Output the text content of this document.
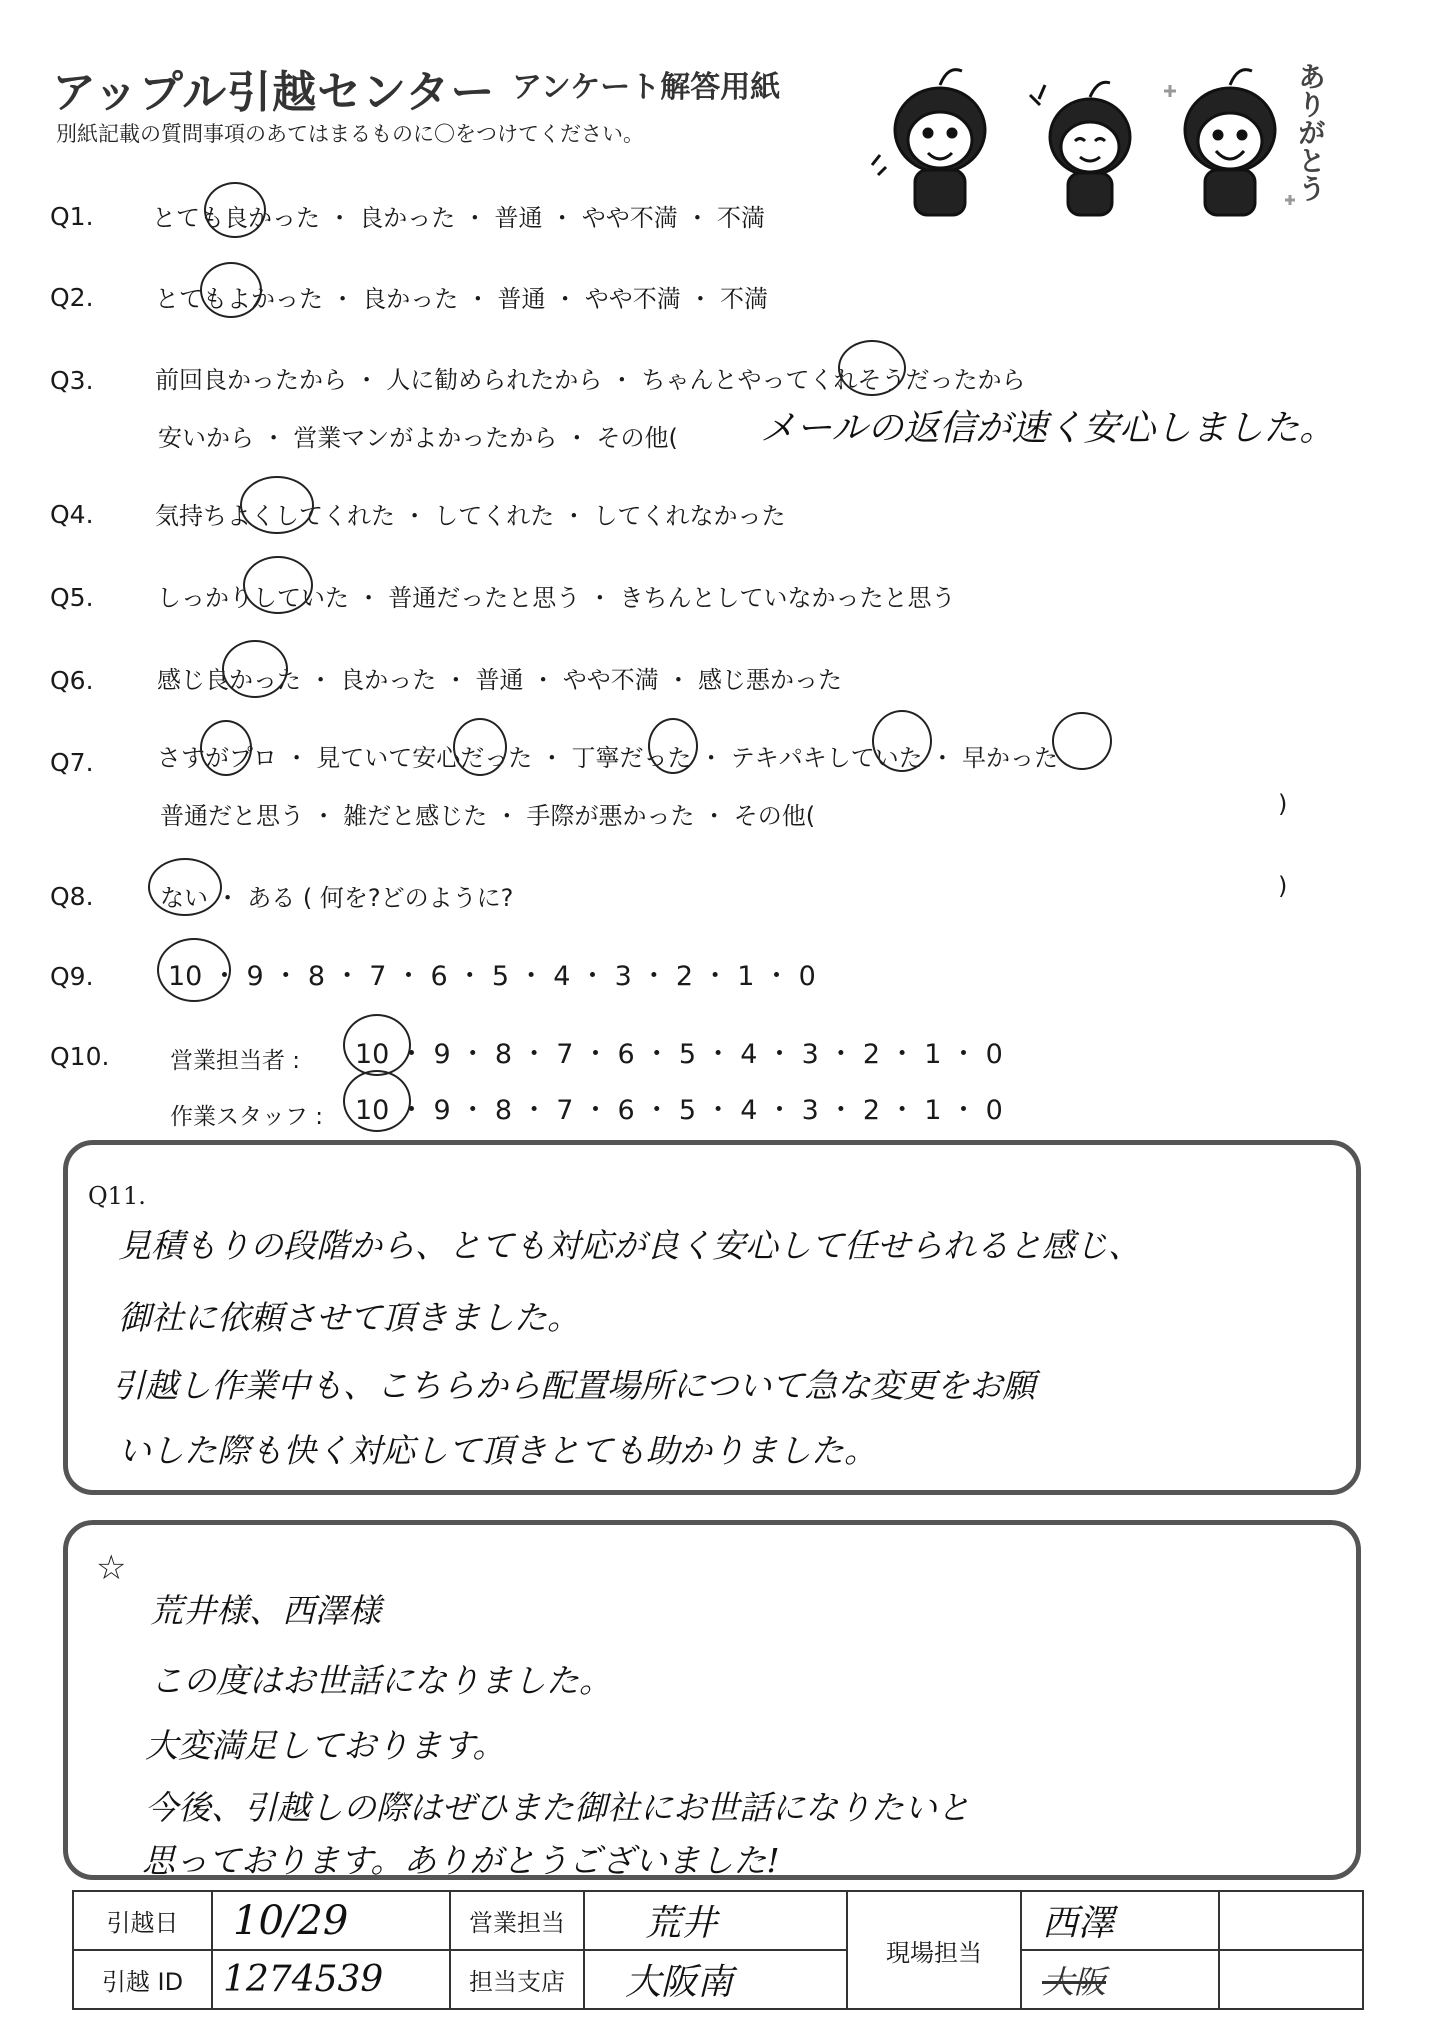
アップル引越センター アンケート解答用紙
別紙記載の質問事項のあてはまるものに〇をつけてください。	ありがとう
Q1. とても良かった ・ 良かった ・ 普通 ・ やや不満 ・ 不満
Q2.	とてもよかった ・ 良かった ・ 普通 ・ やや不満 ・ 不満
Q3.	前回良かったから ・ 人に勧められたから ・ ちゃんとやってくれそうだったから
安いから ・ 営業マンがよかったから ・ その他( メールの返信が速く安心しました。
Q4.	気持ちよくしてくれた ・ してくれた ・ してくれなかった
Q5.	しっかりしていた ・ 普通だったと思う ・ きちんとしていなかったと思う
Q6.	感じ良かった ・ 良かった ・ 普通 ・ やや不満 ・ 感じ悪かった
Q7.	さすがプロ ・ 見ていて安心だった ・ 丁寧だった ・ テキパキしていた ・ 早かった
普通だと思う ・ 雑だと感じた ・ 手際が悪かった ・ その他(	)
Q8.	ない ・ ある ( 何を?どのように?	)
Q9.	10 ・ 9 ・ 8 ・ 7 ・ 6 ・ 5 ・ 4 ・ 3 ・ 2 ・ 1 ・ 0
Q10.	営業担当者 : 10 ・ 9 ・ 8 ・ 7 ・ 6 ・ 5 ・ 4 ・ 3 ・ 2 ・ 1 ・ 0
作業スタッフ : 10 ・ 9 ・ 8 ・ 7 ・ 6 ・ 5 ・ 4 ・ 3 ・ 2 ・ 1 ・ 0
Q11.
見積もりの段階から、とても対応が良く安心して任せられると感じ、
御社に依頼させて頂きました。
引越し作業中も、こちらから配置場所について急な変更をお願
いした際も快く対応して頂きとても助かりました。
☆
荒井様、西澤様
この度はお世話になりました。
大変満足しております。
今後、引越しの際はぜひまた御社にお世話になりたいと
思っております。ありがとうございました!
引越日	10/29	営業担当	荒井	現場担当	西澤	
引越 ID	1274539	担当支店	大阪南		大阪	
